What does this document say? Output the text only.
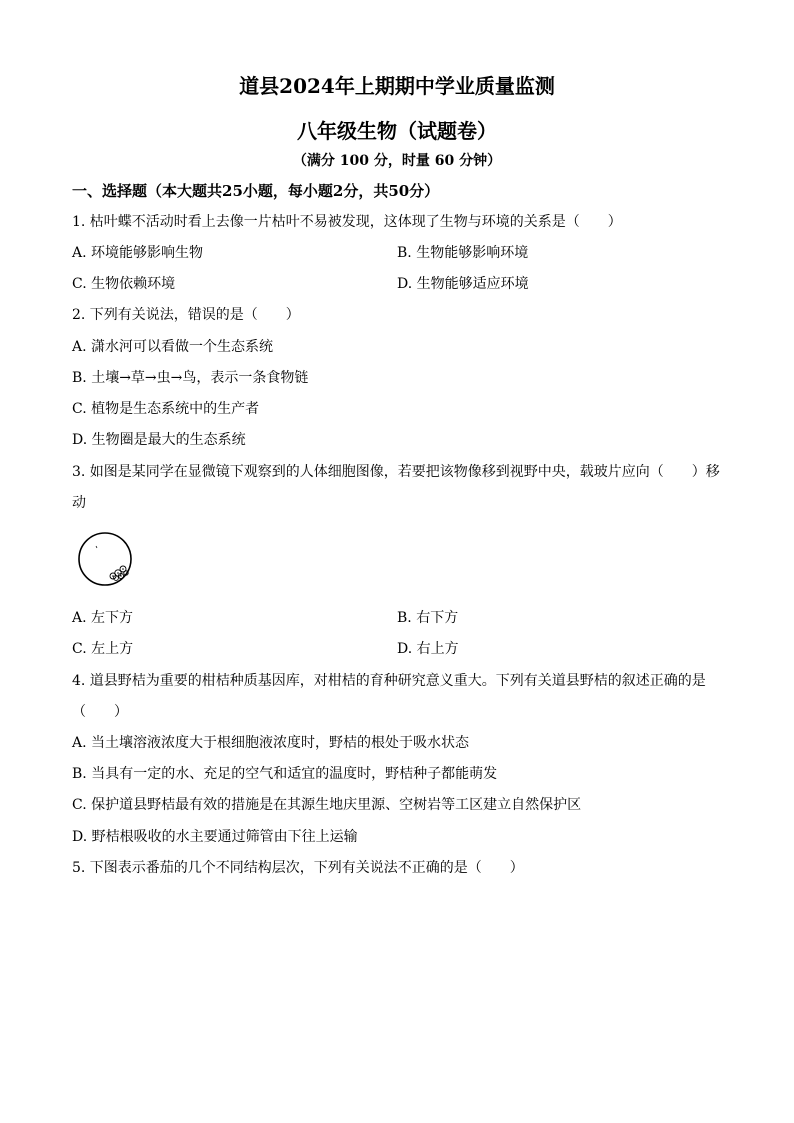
道县2024年上期期中学业质量监测
八年级生物（试题卷）
（满分 100 分，时量 60 分钟）
一、选择题（本大题共25小题，每小题2分，共50分）
1. 枯叶蝶不活动时看上去像一片枯叶不易被发现，这体现了生物与环境的关系是（　　）
A. 环境能够影响生物	B. 生物能够影响环境
C. 生物依赖环境	D. 生物能够适应环境
2. 下列有关说法，错误的是（　　）
A. 潇水河可以看做一个生态系统
B. 土壤→草→虫→鸟，表示一条食物链
C. 植物是生态系统中的生产者
D. 生物圈是最大的生态系统
3. 如图是某同学在显微镜下观察到的人体细胞图像，若要把该物像移到视野中央，载玻片应向（　　）移
动
A. 左下方	B. 右下方
C. 左上方	D. 右上方
4. 道县野桔为重要的柑桔种质基因库，对柑桔的育种研究意义重大。下列有关道县野桔的叙述正确的是
（　　）
A. 当土壤溶液浓度大于根细胞液浓度时，野桔的根处于吸水状态
B. 当具有一定的水、充足的空气和适宜的温度时，野桔种子都能萌发
C. 保护道县野桔最有效的措施是在其源生地庆里源、空树岩等工区建立自然保护区
D. 野桔根吸收的水主要通过筛管由下往上运输
5. 下图表示番茄的几个不同结构层次，下列有关说法不正确的是（　　）
